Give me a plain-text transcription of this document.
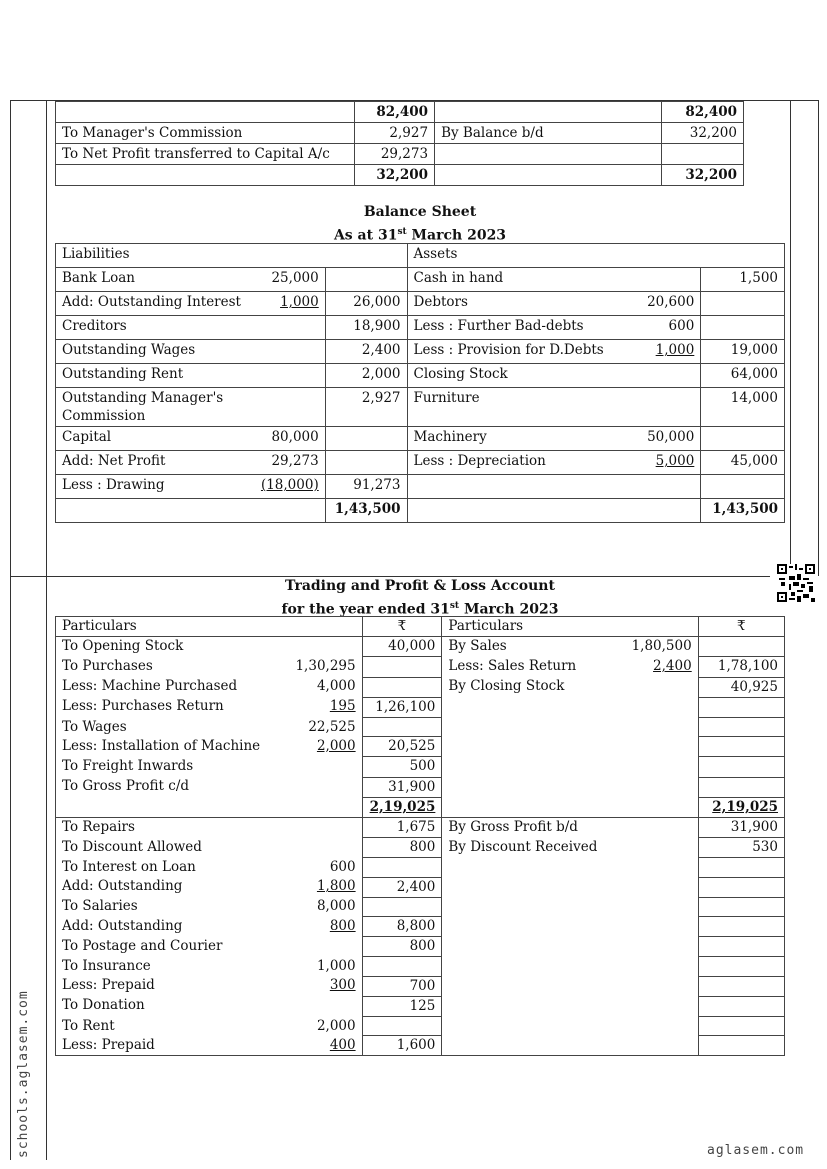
	82,400		82,400
To Manager's Commission	2,927	By Balance b/d	32,200
To Net Profit transferred to Capital A/c	29,273		
	32,200		32,200
Balance Sheet
As at 31st March 2023
Liabilities			Assets		
Bank Loan	25,000		Cash in hand		1,500
Add: Outstanding Interest	1,000	26,000	Debtors	20,600	
Creditors		18,900	Less : Further Bad-debts	600	
Outstanding Wages		2,400	Less : Provision for D.Debts	1,000	19,000
Outstanding Rent		2,000	Closing Stock		64,000
Outstanding Manager's
Commission		2,927	Furniture		14,000
Capital	80,000		Machinery	50,000	
Add: Net Profit	29,273		Less : Depreciation	5,000	45,000
Less : Drawing	(18,000)	91,273			
		1,43,500			1,43,500
Trading and Profit & Loss Account
for the year ended 31st March 2023
Particulars		₹	Particulars		₹
To Opening Stock		40,000	By Sales	1,80,500	
To Purchases	1,30,295		Less: Sales Return	2,400	1,78,100
Less: Machine Purchased	4,000		By Closing Stock		40,925
Less: Purchases Return	195	1,26,100			
To Wages	22,525				
Less: Installation of Machine	2,000	20,525			
To Freight Inwards		500			
To Gross Profit c/d		31,900			
		2,19,025			2,19,025
To Repairs		1,675	By Gross Profit b/d		31,900
To Discount Allowed		800	By Discount Received		530
To Interest on Loan	600				
Add: Outstanding	1,800	2,400			
To Salaries	8,000				
Add: Outstanding	800	8,800			
To Postage and Courier		800			
To Insurance	1,000				
Less: Prepaid	300	700			
To Donation		125			
To Rent	2,000				
Less: Prepaid	400	1,600			
schools.aglasem.com	aglasem.com
